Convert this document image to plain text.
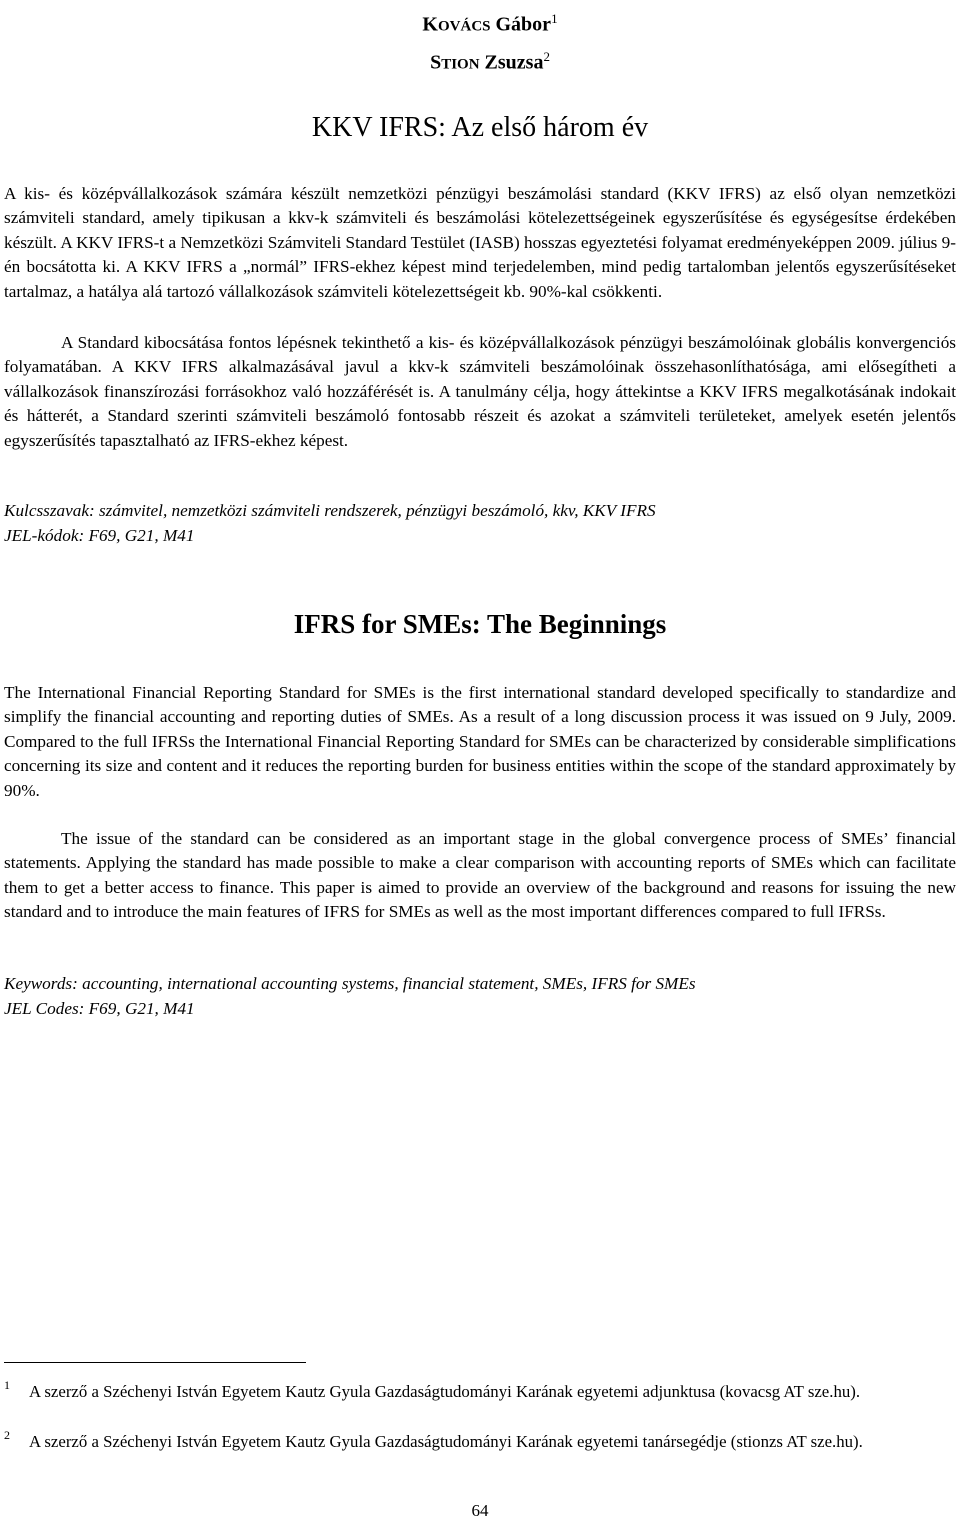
KOVÁCS Gábor$^1$
STION Zsuzsa$^2$
KKV IFRS: Az első három év

A kis- és középvállalkozások számára készült nemzetközi pénzügyi beszámolási standard (KKV IFRS) az első olyan nemzetközi számviteli standard, amely tipikusan a kkv-k számviteli és beszámolási kötelezettségeinek egyszerűsítése és egységesítse érdekében készült. A KKV IFRS-t a Nemzetközi Számviteli Standard Testület (IASB) hosszas egyeztetési folyamat eredményeképpen 2009. július 9-én bocsátotta ki. A KKV IFRS a „normál” IFRS-ekhez képest mind terjedelemben, mind pedig tartalomban jelentős egyszerűsítéseket tartalmaz, a hatálya alá tartozó vállalkozások számviteli kötelezettségeit kb. 90%-kal csökkenti.

A Standard kibocsátása fontos lépésnek tekinthető a kis- és középvállalkozások pénzügyi beszámolóinak globális konvergenciós folyamatában. A KKV IFRS alkalmazásával javul a kkv-k számviteli beszámolóinak összehasonlíthatósága, ami elősegítheti a vállalkozások finanszírozási forrásokhoz való hozzáférését is. A tanulmány célja, hogy áttekintse a KKV IFRS megalkotásának indokait és hátterét, a Standard szerinti számviteli beszámoló fontosabb részeit és azokat a számviteli területeket, amelyek esetén jelentős egyszerűsítés tapasztalható az IFRS-ekhez képest.

Kulcsszavak: számvitel, nemzetközi számviteli rendszerek, pénzügyi beszámoló, kkv, KKV IFRS
JEL-kódok: F69, G21, M41
IFRS for SMEs: The Beginnings

The International Financial Reporting Standard for SMEs is the first international standard developed specifically to standardize and simplify the financial accounting and reporting duties of SMEs. As a result of a long discussion process it was issued on 9 July, 2009. Compared to the full IFRSs the International Financial Reporting Standard for SMEs can be characterized by considerable simplifications concerning its size and content and it reduces the reporting burden for business entities within the scope of the standard approximately by 90%.

The issue of the standard can be considered as an important stage in the global convergence process of SMEs’ financial statements. Applying the standard has made possible to make a clear comparison with accounting reports of SMEs which can facilitate them to get a better access to finance. This paper is aimed to provide an overview of the background and reasons for issuing the new standard and to introduce the main features of IFRS for SMEs as well as the most important differences compared to full IFRSs.

Keywords: accounting, international accounting systems, financial statement, SMEs, IFRS for SMEs
JEL Codes: F69, G21, M41
1 A szerző a Széchenyi István Egyetem Kautz Gyula Gazdaságtudományi Karának egyetemi adjunktusa (kovacsg AT sze.hu).
2 A szerző a Széchenyi István Egyetem Kautz Gyula Gazdaságtudományi Karának egyetemi tanársegédje (stionzs AT sze.hu).
64
